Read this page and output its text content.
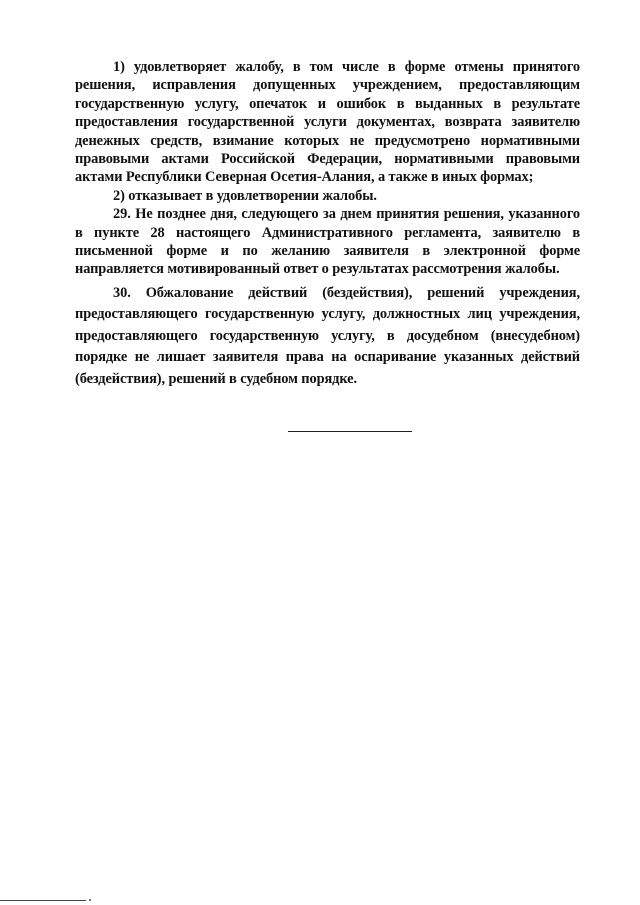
1) удовлетворяет жалобу, в том числе в форме отмены принятого решения, исправления допущенных учреждением, предоставляющим государственную услугу, опечаток и ошибок в выданных в результате предоставления государственной услуги документах, возврата заявителю денежных средств, взимание которых не предусмотрено нормативными правовыми актами Российской Федерации, нормативными правовыми актами Республики Северная Осетия-Алания, а также в иных формах;

2) отказывает в удовлетворении жалобы.

29. Не позднее дня, следующего за днем принятия решения, указанного в пункте 28 настоящего Административного регламента, заявителю в письменной форме и по желанию заявителя в электронной форме направляется мотивированный ответ о результатах рассмотрения жалобы.

30. Обжалование действий (бездействия), решений учреждения, предоставляющего государственную услугу, должностных лиц учреждения, предоставляющего государственную услугу, в досудебном (внесудебном) порядке не лишает заявителя права на оспаривание указанных действий (бездействия), решений в судебном порядке.
